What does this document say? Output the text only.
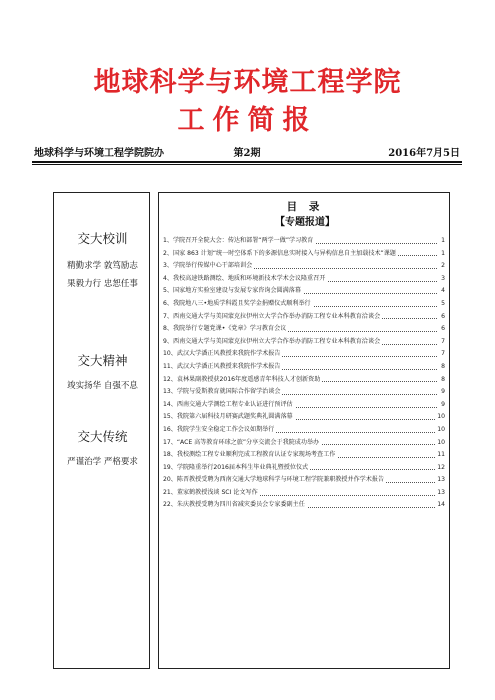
地球科学与环境工程学院
工作简报
地球科学与环境工程学院院办	第2期	2016年7月5日
交大校训
精勤求学 敦笃励志
果毅力行 忠恕任事
交大精神
竣实扬华 自强不息
交大传统
严谨治学 严格要求
目 录
【专题报道】
1、学院召开全院大会：传达和部署“两学一做”学习教育	1
2、国家 863 计划“统一时空体系下的多源信息实时接入与异构信息自主加载技术”课题	1
3、学院举行传媒中心干部培训会	2
4、我校高速铁路测绘、地质和环境新技术学术会议隆重召开	3
5、国家地方实验室建设与发展专家咨询会圆满落幕	4
6、我院地八三•地质学科霞且奖学金捐赠仪式顺利举行	5
7、西南交通大学与美国蒙克拉伊州立大学合作举办消防工程专业本科教育洽谈会	6
8、我院举行专题党课•《党章》学习教育会议	6
9、西南交通大学与美国蒙克拉伊州立大学合作举办消防工程专业本科教育洽谈会	7
10、武汉大学潘正风教授来我院作学术报告	7
11、武汉大学潘正风教授来我院作学术报告	8
12、袁林果副教授获2016年度遥感青年科技人才创新资助	8
13、学院与爱斯教育就国际合作留学治谈会	9
14、西南交通大学测绘工程专业认证进行预评估	9
15、我院第六届科技月研赛武题奖典礼圆满落幕	10
16、我院学生安全稳定工作会议如期举行	10
17、“ACE 高等教育环球之旅”分享交流会于我院成功举办	10
18、我校测绘工程专业顺利完成工程教育认证专家现场考查工作	11
19、学院隆重举行2016届本科生毕业典礼暨授位仪式	12
20、陈晋教授受聘为西南交通大学地球科学与环境工程学院兼职教授并作学术报告	13
21、董家鹤教授浅谈 SCI 论文写作	13
22、朱庆教授受聘为四川省减灾委员会专家委副主任	14
